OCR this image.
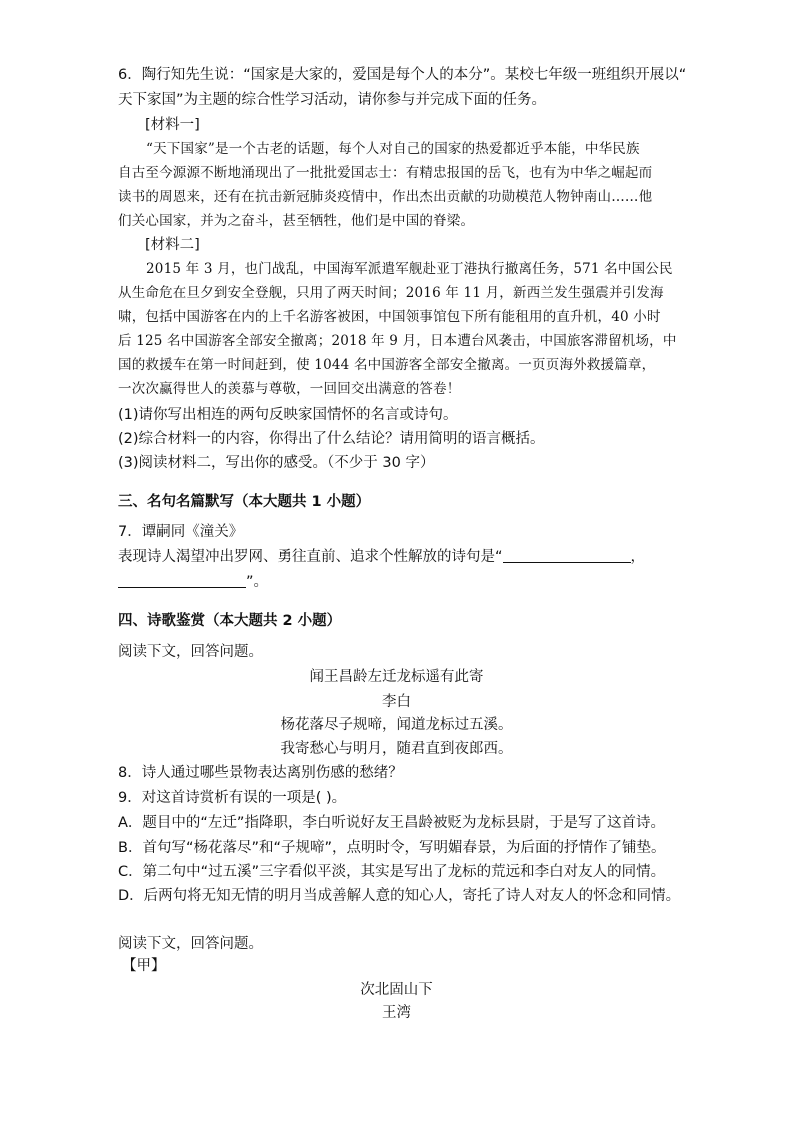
6．陶行知先生说：“国家是大家的，爱国是每个人的本分”。某校七年级一班组织开展以“
天下家国”为主题的综合性学习活动，请你参与并完成下面的任务。
[材料一]
“天下国家”是一个古老的话题，每个人对自己的国家的热爱都近乎本能，中华民族
自古至今源源不断地涌现出了一批批爱国志士：有精忠报国的岳飞，也有为中华之崛起而
读书的周恩来，还有在抗击新冠肺炎疫情中，作出杰出贡献的功勋模范人物钟南山……他
们关心国家，并为之奋斗，甚至牺牲，他们是中国的脊梁。
[材料二]
2015 年 3 月，也门战乱，中国海军派遣军舰赴亚丁港执行撤离任务，571 名中国公民
从生命危在旦夕到安全登舰，只用了两天时间；2016 年 11 月，新西兰发生强震并引发海
啸，包括中国游客在内的上千名游客被困，中国领事馆包下所有能租用的直升机，40 小时
后 125 名中国游客全部安全撤离；2018 年 9 月，日本遭台风袭击，中国旅客滞留机场，中
国的救援车在第一时间赶到，使 1044 名中国游客全部安全撤离。一页页海外救援篇章，
一次次赢得世人的羡慕与尊敬，一回回交出满意的答卷！
(1)请你写出相连的两句反映家国情怀的名言或诗句。
(2)综合材料一的内容，你得出了什么结论？请用简明的语言概括。
(3)阅读材料二，写出你的感受。（不少于 30 字）
三、名句名篇默写（本大题共 1 小题）
7．谭嗣同《潼关》
表现诗人渴望冲出罗网、勇往直前、追求个性解放的诗句是“	，
”。
四、诗歌鉴赏（本大题共 2 小题）
阅读下文，回答问题。
闻王昌龄左迁龙标遥有此寄
李白
杨花落尽子规啼，闻道龙标过五溪。
我寄愁心与明月，随君直到夜郎西。
8．诗人通过哪些景物表达离别伤感的愁绪？
9．对这首诗赏析有误的一项是( )。
A．题目中的“左迁”指降职，李白听说好友王昌龄被贬为龙标县尉，于是写了这首诗。
B．首句写“杨花落尽”和“子规啼”，点明时令，写明媚春景，为后面的抒情作了铺垫。
C．第二句中“过五溪”三字看似平淡，其实是写出了龙标的荒远和李白对友人的同情。
D．后两句将无知无情的明月当成善解人意的知心人，寄托了诗人对友人的怀念和同情。
阅读下文，回答问题。
【甲】
次北固山下
王湾
